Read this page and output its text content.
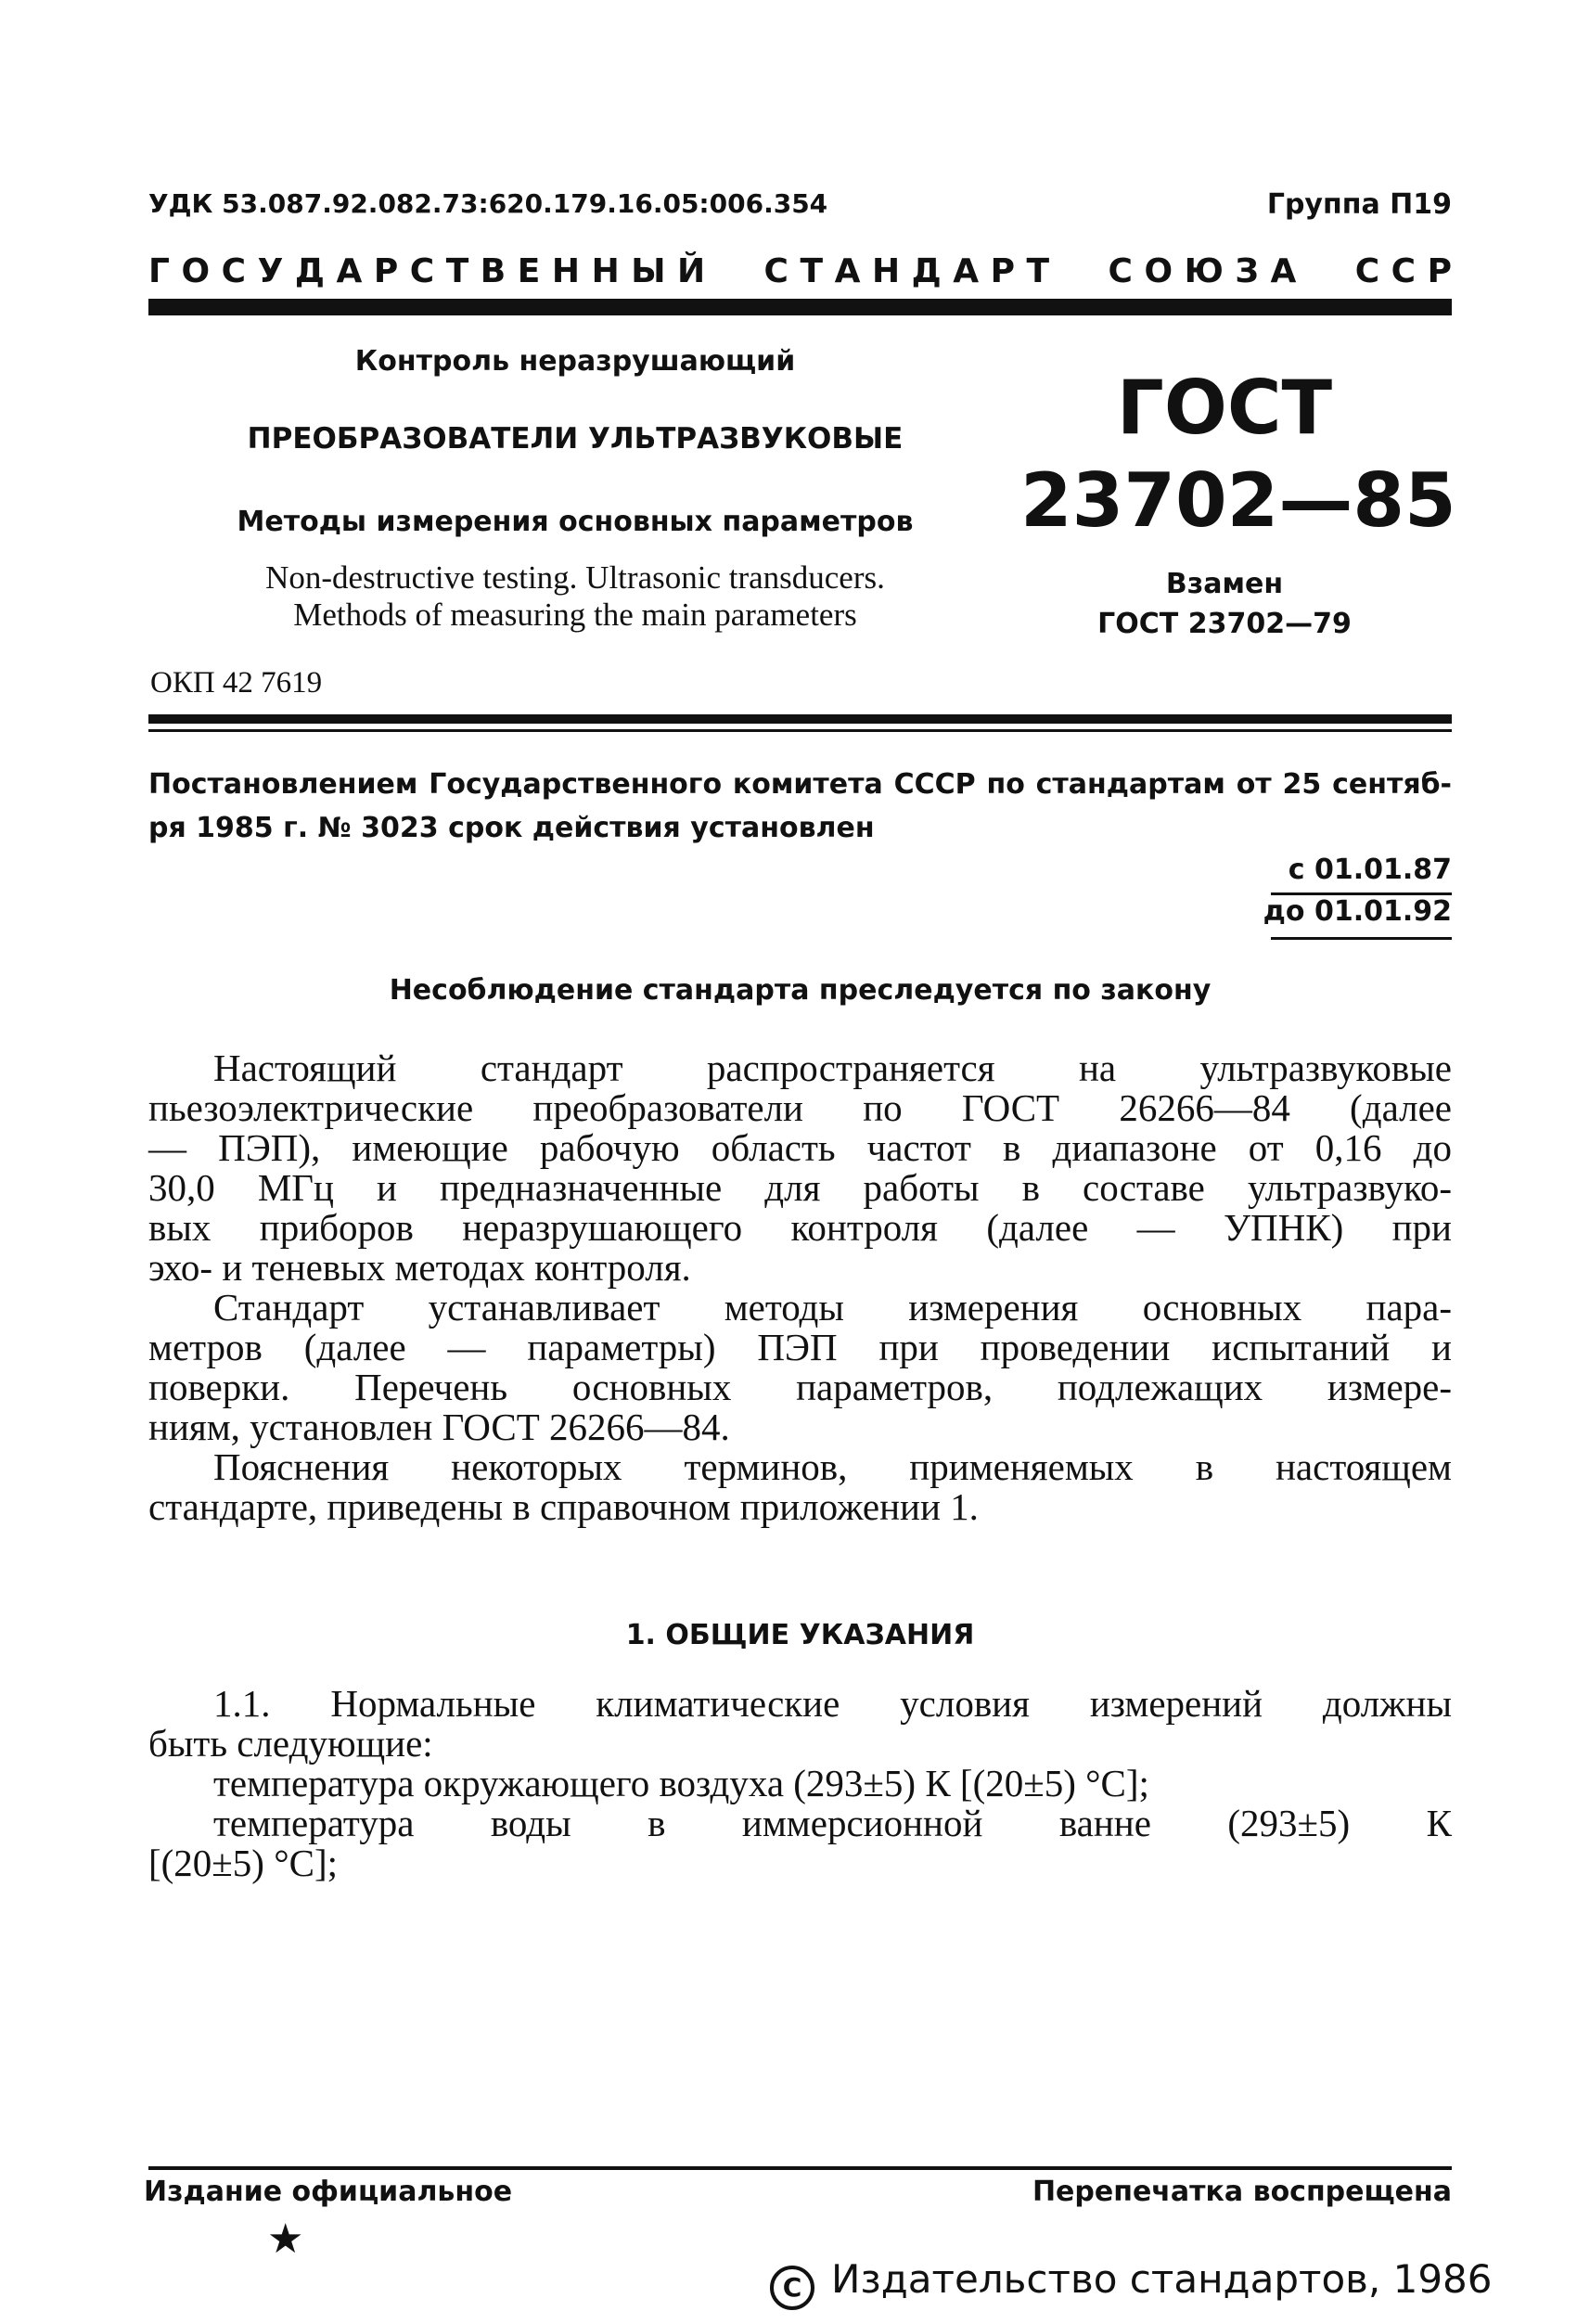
УДК 53.087.92.082.73:620.179.16.05:006.354	Группа П19
Г О С У Д А Р С Т В Е Н Н Ы Й С Т А Н Д А Р Т С О Ю З А С С Р
Контроль неразрушающий
ПРЕОБРАЗОВАТЕЛИ УЛЬТРАЗВУКОВЫЕ
Методы измерения основных параметров
Non-destructive testing. Ultrasonic transducers.
Methods of measuring the main parameters
ОКП 42 7619
ГОСТ
23702—85
Взамен
ГОСТ 23702—79
Постановлением Государственного комитета СССР по стандартам от 25 сентяб-
ря 1985 г. № 3023 срок действия установлен
с 01.01.87
до 01.01.92
Несоблюдение стандарта преследуется по закону
Настоящий стандарт распространяется на ультразвуковые
пьезоэлектрические преобразователи по ГОСТ 26266—84 (далее
— ПЭП), имеющие рабочую область частот в диапазоне от 0,16 до
30,0 МГц и предназначенные для работы в составе ультразвуко-
вых приборов неразрушающего контроля (далее — УПНК) при
эхо- и теневых методах контроля.
Стандарт устанавливает методы измерения основных пара-
метров (далее — параметры) ПЭП при проведении испытаний и
поверки. Перечень основных параметров, подлежащих измере-
ниям, установлен ГОСТ 26266—84.
Пояснения некоторых терминов, применяемых в настоящем
стандарте, приведены в справочном приложении 1.
1. ОБЩИЕ УКАЗАНИЯ
1.1. Нормальные климатические условия измерений должны
быть следующие:
температура окружающего воздуха (293±5) К [(20±5) °С];
температура воды в иммерсионной ванне (293±5) К
[(20±5) °С];
Издание официальное	Перепечатка воспрещена
★
C Издательство стандартов, 1986
